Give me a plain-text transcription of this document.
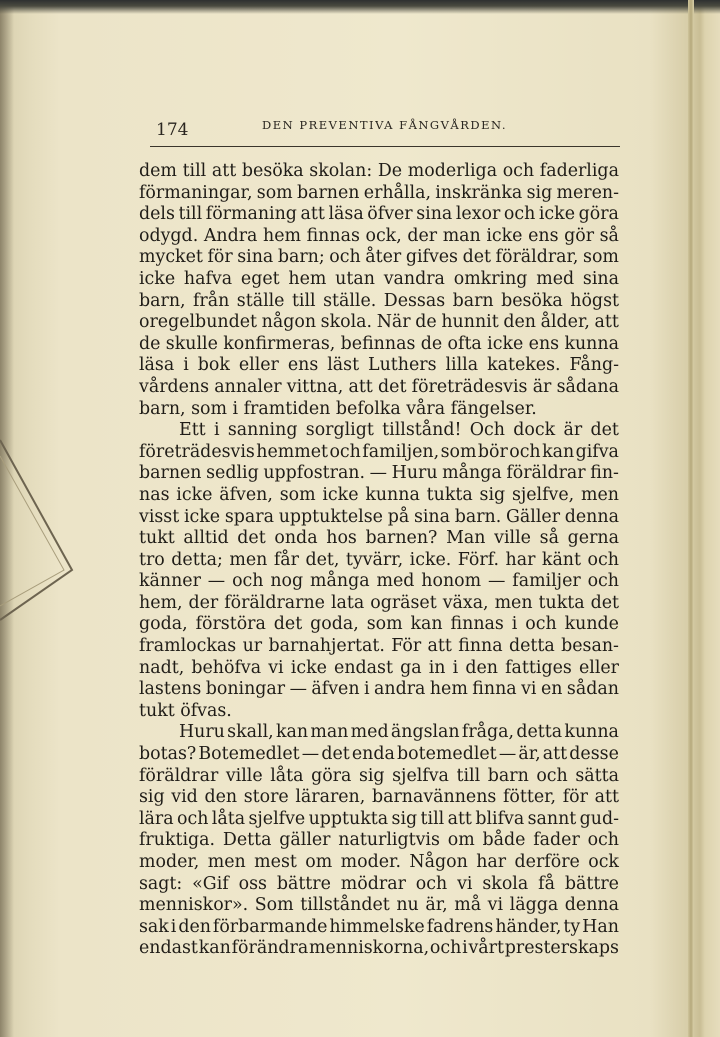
174	DEN PREVENTIVA FÅNGVÅRDEN.
dem till att besöka skolan: De moderliga och faderliga
förmaningar, som barnen erhålla, inskränka sig meren-
dels till förmaning att läsa öfver sina lexor och icke göra
odygd. Andra hem finnas ock, der man icke ens gör så
mycket för sina barn; och åter gifves det föräldrar, som
icke hafva eget hem utan vandra omkring med sina
barn, från ställe till ställe. Dessas barn besöka högst
oregelbundet någon skola. När de hunnit den ålder, att
de skulle konfirmeras, befinnas de ofta icke ens kunna
läsa i bok eller ens läst Luthers lilla katekes. Fång-
vårdens annaler vittna, att det företrädesvis är sådana
barn, som i framtiden befolka våra fängelser.
Ett i sanning sorgligt tillstånd! Och dock är det
företrädesvis hemmet och familjen, som bör och kan gifva
barnen sedlig uppfostran. — Huru många föräldrar fin-
nas icke äfven, som icke kunna tukta sig sjelfve, men
visst icke spara upptuktelse på sina barn. Gäller denna
tukt alltid det onda hos barnen? Man ville så gerna
tro detta; men får det, tyvärr, icke. Förf. har känt och
känner — och nog många med honom — familjer och
hem, der föräldrarne lata ogräset växa, men tukta det
goda, förstöra det goda, som kan finnas i och kunde
framlockas ur barnahjertat. För att finna detta besan-
nadt, behöfva vi icke endast ga in i den fattiges eller
lastens boningar — äfven i andra hem finna vi en sådan
tukt öfvas.
Huru skall, kan man med ängslan fråga, detta kunna
botas? Botemedlet — det enda botemedlet — är, att desse
föräldrar ville låta göra sig sjelfva till barn och sätta
sig vid den store läraren, barnavännens fötter, för att
lära och låta sjelfve upptukta sig till att blifva sannt gud-
fruktiga. Detta gäller naturligtvis om både fader och
moder, men mest om moder. Någon har derföre ock
sagt: «Gif oss bättre mödrar och vi skola få bättre
menniskor». Som tillståndet nu är, må vi lägga denna
sak i den förbarmande himmelske fadrens händer, ty Han
endast kan förändra menniskorna, och i vårt presterskaps
